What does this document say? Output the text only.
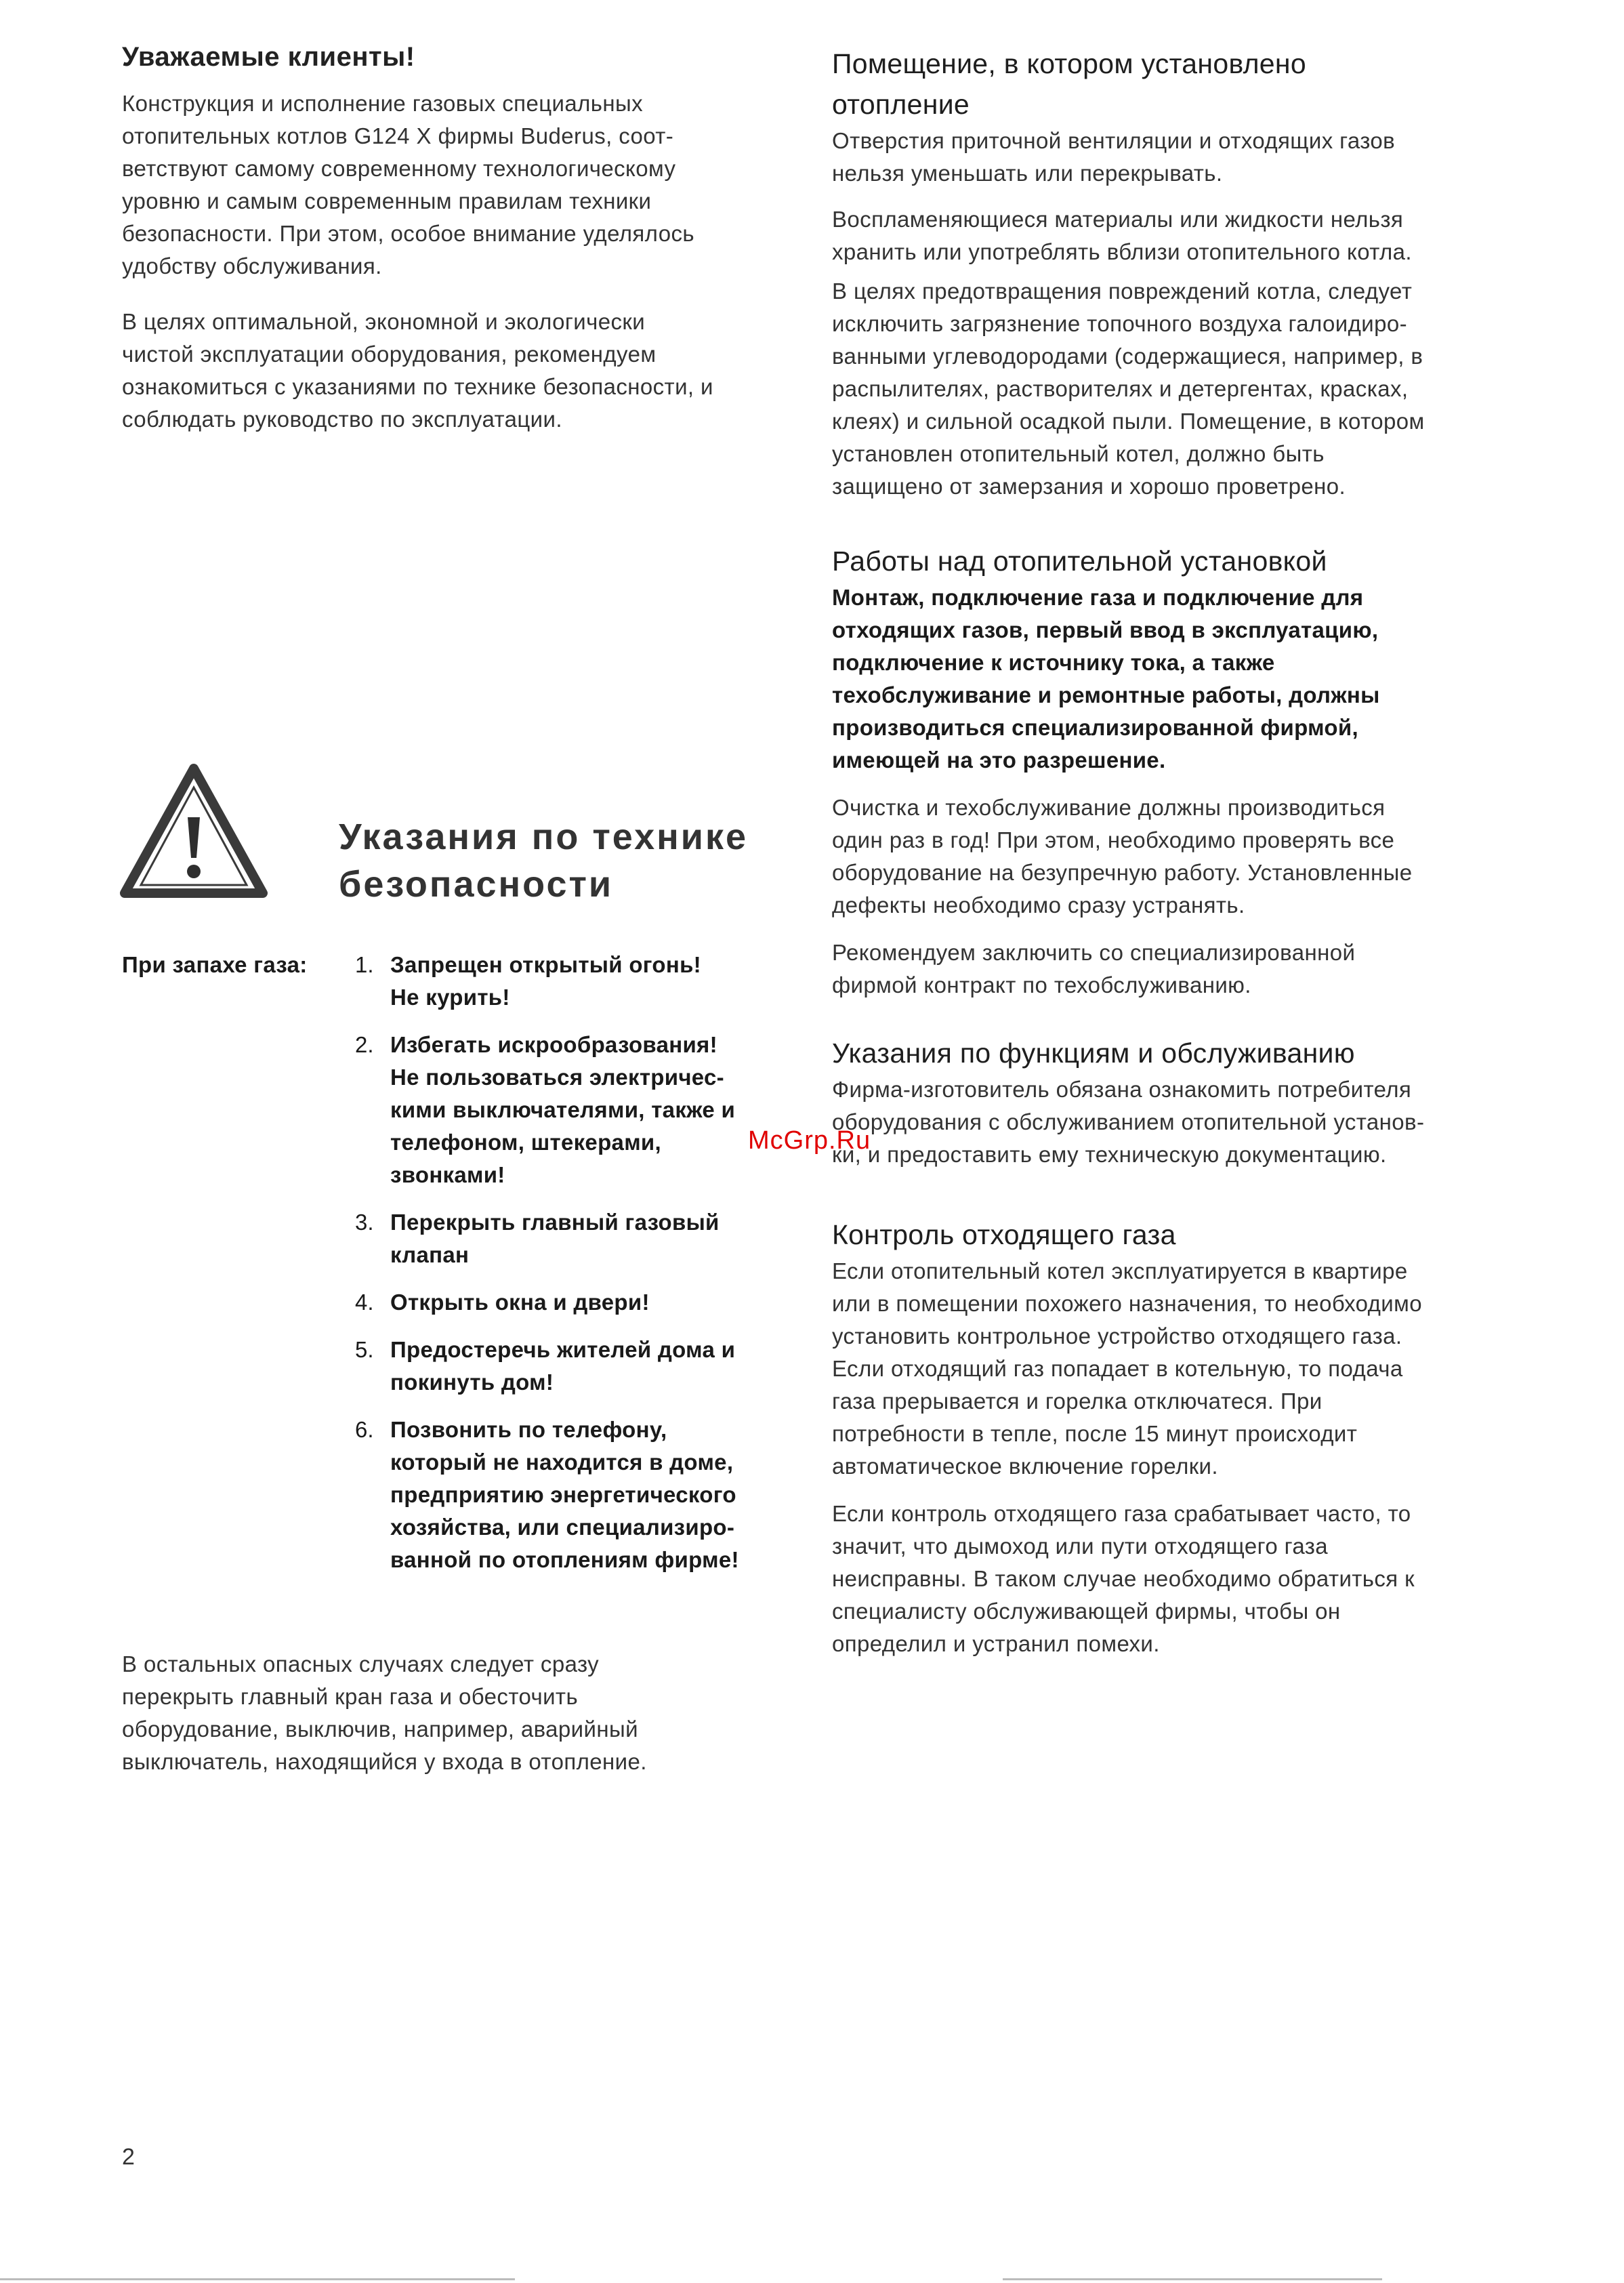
Уважаемые клиенты!
Конструкция и исполнение газовых специальных
отопительных котлов G124 X фирмы Buderus, соот-
ветствуют самому современному технологическому
уровню и самым современным правилам техники
безопасности. При этом, особое внимание уделялось
удобству обслуживания.
В целях оптимальной, экономной и экологически
чистой эксплуатации оборудования, рекомендуем
ознакомиться с указаниями по технике безопасности, и
соблюдать руководство по эксплуатации.
Указания по технике
безопасности

При запахе газа:	1. Запрещен открытый огонь!
Не курить!
2. Избегать искрообразования!
Не пользоваться электричес-
кими выключателями, также и
телефоном, штекерами,
звонками!
3. Перекрыть главный газовый
клапан
4. Открыть окна и двери!
5. Предостеречь жителей дома и
покинуть дом!
6. Позвонить по телефону,
который не находится в доме,
предприятию энергетического
хозяйства, или специализиро-
ванной по отоплениям фирме!
В остальных опасных случаях следует сразу
перекрыть главный кран газа и обесточить
оборудование, выключив, например, аварийный
выключатель, находящийся у входа в отопление.
Помещение, в котором установлено
отопление
Отверстия приточной вентиляции и отходящих газов
нельзя уменьшать или перекрывать.
Воспламеняющиеся материалы или жидкости нельзя
хранить или употреблять вблизи отопительного котла.
В целях предотвращения повреждений котла, следует
исключить загрязнение топочного воздуха галоидиро-
ванными углеводородами (содержащиеся, например, в
распылителях, растворителях и детергентах, красках,
клеях) и сильной осадкой пыли. Помещение, в котором
установлен отопительный котел, должно быть
защищено от замерзания и хорошо проветрено.
Работы над отопительной установкой
Монтаж, подключение газа и подключение для
отходящих газов, первый ввод в эксплуатацию,
подключение к источнику тока, а также
техобслуживание и ремонтные работы, должны
производиться специализированной фирмой,
имеющей на это разрешение.
Очистка и техобслуживание должны производиться
один раз в год! При этом, необходимо проверять все
оборудование на безупречную работу. Установленные
дефекты необходимо сразу устранять.
Рекомендуем заключить со специализированной
фирмой контракт по техобслуживанию.
Указания по функциям и обслуживанию
Фирма-изготовитель обязана ознакомить потребителя
оборудования с обслуживанием отопительной установ-
ки, и предоставить ему техническую документацию.
Контроль отходящего газа
Если отопительный котел эксплуатируется в квартире
или в помещении похожего назначения, то необходимо
установить контрольное устройство отходящего газа.
Если отходящий газ попадает в котельную, то подача
газа прерывается и горелка отключатеся. При
потребности в тепле, после 15 минут происходит
автоматическое включение горелки.
Если контроль отходящего газа срабатывает часто, то
значит, что дымоход или пути отходящего газа
неисправны. В таком случае необходимо обратиться к
специалисту обслуживающей фирмы, чтобы он
определил и устранил помехи.
McGrp.Ru
2
